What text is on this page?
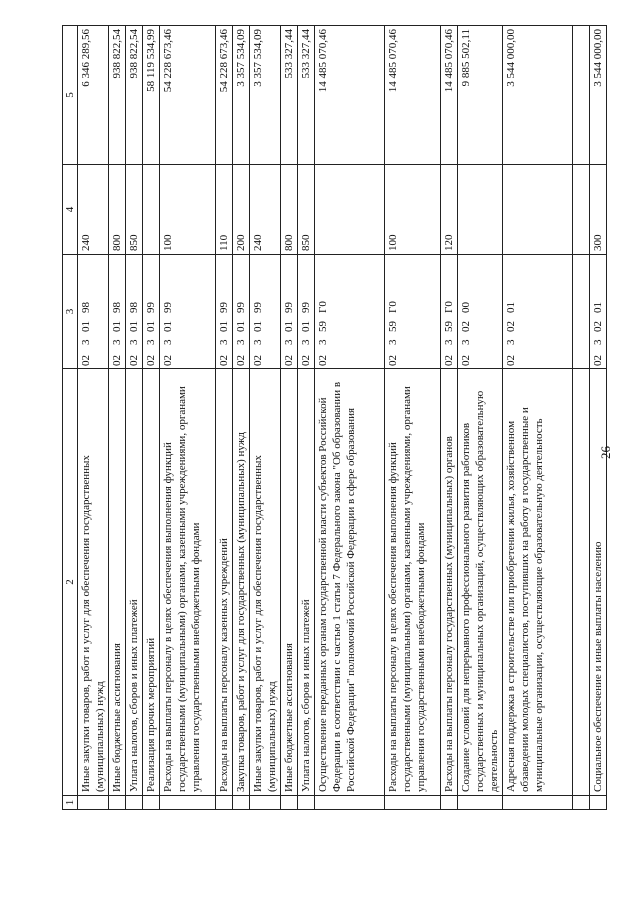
1	2	3	4	5
	Иные закупки товаров, работ и услуг для обеспечения государственных (муниципальных) нужд	0230198	240	6 346 289,56
	Иные бюджетные ассигнования	0230198	800	938 822,54
	Уплата налогов, сборов и иных платежей	0230198	850	938 822,54
	Реализация прочих мероприятий	0230199		58 119 534,99
	Расходы на выплаты персоналу в целях обеспечения выполнения функций государственными (муниципальными) органами, казенными учреждениями, органами управления государственными внебюджетными фондами	0230199	100	54 228 673,46
	Расходы на выплаты персоналу казенных учреждений	0230199	110	54 228 673,46
	Закупка товаров, работ и услуг для государственных (муниципальных) нужд	0230199	200	3 357 534,09
	Иные закупки товаров, работ и услуг для обеспечения государственных (муниципальных) нужд	0230199	240	3 357 534,09
	Иные бюджетные ассигнования	0230199	800	533 327,44
	Уплата налогов, сборов и иных платежей	0230199	850	533 327,44
	Осуществление переданных органам государственной власти субъектов Российской Федерации в соответствии с частью 1 статьи 7 Федерального закона "Об образовании в Российской Федерации" полномочий Российской Федерации в сфере образования	02359Г0		14 485 070,46
	Расходы на выплаты персоналу в целях обеспечения выполнения функций государственными (муниципальными) органами, казенными учреждениями, органами управления государственными внебюджетными фондами	02359Г0	100	14 485 070,46
	Расходы на выплаты персоналу государственных (муниципальных) органов	02359Г0	120	14 485 070,46
	Создание условий для непрерывного профессионального развития работников государственных и муниципальных организаций, осуществляющих образовательную деятельность	0230200		9 885 502,11
	Адресная поддержка в строительстве или приобретении жилья, хозяйственном обзаведении молодых специалистов, поступивших на работу в государственные и муниципальные организации, осуществляющие образовательную деятельность	0230201		3 544 000,00

	Социальное обеспечение и иные выплаты населению	0230201	300	3 544 000,00
26
